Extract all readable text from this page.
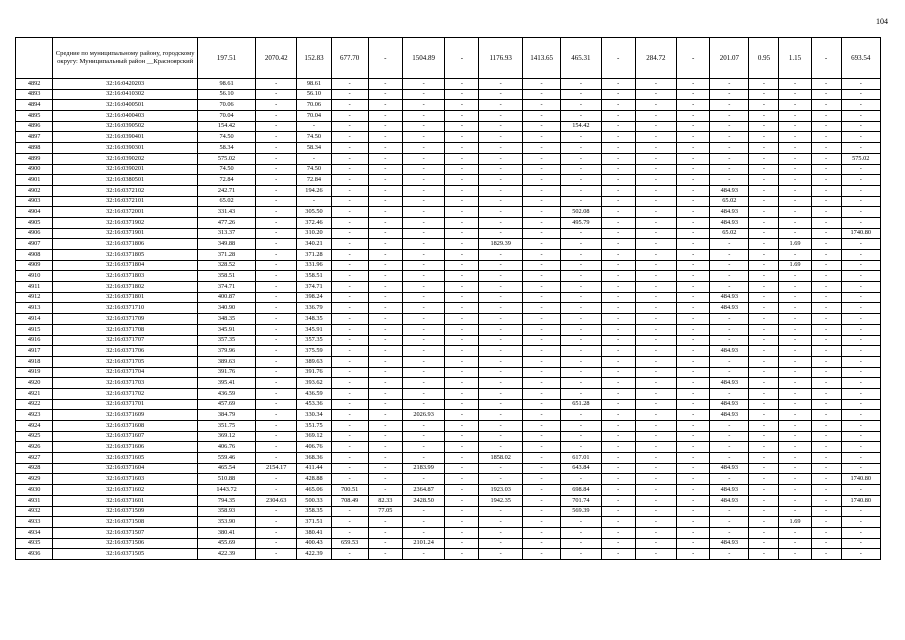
104
	Средние по муниципальному району, городскому округу: Муниципальный район __Красноярский	197.51	2070.42	152.83	677.70	-	1504.89	-	1176.93	1413.65	465.31	-	284.72	-	201.07	0.95	1.15	-	693.54
4892	32:16:0420203	98.61	-	98.61	-	-	-	-	-	-	-	-	-	-	-	-	-	-	-
4893	32:16:0410302	56.10	-	56.10	-	-	-	-	-	-	-	-	-	-	-	-	-	-	-
4894	32:16:0400501	70.06	-	70.06	-	-	-	-	-	-	-	-	-	-	-	-	-	-	-
4895	32:16:0400403	70.04	-	70.04	-	-	-	-	-	-	-	-	-	-	-	-	-	-	-
4896	32:16:0390502	154.42	-	-	-	-	-	-	-	-	154.42	-	-	-	-	-	-	-	-
4897	32:16:0390401	74.50	-	74.50	-	-	-	-	-	-	-	-	-	-	-	-	-	-	-
4898	32:16:0390301	58.34	-	58.34	-	-	-	-	-	-	-	-	-	-	-	-	-	-	-
4899	32:16:0390202	575.02	-	-	-	-	-	-	-	-	-	-	-	-	-	-	-	-	575.02
4900	32:16:0390201	74.50	-	74.50	-	-	-	-	-	-	-	-	-	-	-	-	-	-	-
4901	32:16:0380501	72.84	-	72.84	-	-	-	-	-	-	-	-	-	-	-	-	-	-	-
4902	32:16:0372102	242.71	-	194.26	-	-	-	-	-	-	-	-	-	-	484.93	-	-	-	-
4903	32:16:0372101	65.02	-	-	-	-	-	-	-	-	-	-	-	-	65.02	-	-	-	-
4904	32:16:0372001	331.43	-	305.50	-	-	-	-	-	-	502.08	-	-	-	484.93	-	-	-	-
4905	32:16:0371902	477.26	-	372.46	-	-	-	-	-	-	495.79	-	-	-	484.93	-	-	-	-
4906	32:16:0371901	313.37	-	310.20	-	-	-	-	-	-	-	-	-	-	65.02	-	-	-	1740.80
4907	32:16:0371806	349.88	-	340.21	-	-	-	-	1829.39	-	-	-	-	-	-	-	1.69	-	-
4908	32:16:0371805	371.28	-	371.28	-	-	-	-	-	-	-	-	-	-	-	-	-	-	-
4909	32:16:0371804	328.52	-	331.96	-	-	-	-	-	-	-	-	-	-	-	-	1.69	-	-
4910	32:16:0371803	358.51	-	358.51	-	-	-	-	-	-	-	-	-	-	-	-	-	-	-
4911	32:16:0371802	374.71	-	374.71	-	-	-	-	-	-	-	-	-	-	-	-	-	-	-
4912	32:16:0371801	400.87	-	398.24	-	-	-	-	-	-	-	-	-	-	484.93	-	-	-	-
4913	32:16:0371710	340.90	-	336.79	-	-	-	-	-	-	-	-	-	-	484.93	-	-	-	-
4914	32:16:0371709	348.35	-	348.35	-	-	-	-	-	-	-	-	-	-	-	-	-	-	-
4915	32:16:0371708	345.91	-	345.91	-	-	-	-	-	-	-	-	-	-	-	-	-	-	-
4916	32:16:0371707	357.35	-	357.35	-	-	-	-	-	-	-	-	-	-	-	-	-	-	-
4917	32:16:0371706	379.96	-	375.59	-	-	-	-	-	-	-	-	-	-	484.93	-	-	-	-
4918	32:16:0371705	389.63	-	389.63	-	-	-	-	-	-	-	-	-	-	-	-	-	-	-
4919	32:16:0371704	391.76	-	391.76	-	-	-	-	-	-	-	-	-	-	-	-	-	-	-
4920	32:16:0371703	395.41	-	393.62	-	-	-	-	-	-	-	-	-	-	484.93	-	-	-	-
4921	32:16:0371702	436.59	-	436.59	-	-	-	-	-	-	-	-	-	-	-	-	-	-	-
4922	32:16:0371701	457.69	-	453.36	-	-	-	-	-	-	651.28	-	-	-	484.93	-	-	-	-
4923	32:16:0371609	384.79	-	330.34	-	-	2026.93	-	-	-	-	-	-	-	484.93	-	-	-	-
4924	32:16:0371608	351.75	-	351.75	-	-	-	-	-	-	-	-	-	-	-	-	-	-	-
4925	32:16:0371607	369.12	-	369.12	-	-	-	-	-	-	-	-	-	-	-	-	-	-	-
4926	32:16:0371606	406.76	-	406.76	-	-	-	-	-	-	-	-	-	-	-	-	-	-	-
4927	32:16:0371605	559.46	-	368.36	-	-	-	-	1858.02	-	617.01	-	-	-	-	-	-	-	-
4928	32:16:0371604	465.54	2154.17	411.44	-	-	2183.99	-	-	-	643.84	-	-	-	484.93	-	-	-	-
4929	32:16:0371603	510.88	-	428.88	-	-	-	-	-	-	-	-	-	-	-	-	-	-	1740.80
4930	32:16:0371602	1443.72	-	465.06	700.51	-	2364.87	-	1923.03	-	698.84	-	-	-	484.93	-	-	-	-
4931	32:16:0371601	794.35	2304.63	500.33	708.49	82.33	2428.50	-	1942.35	-	701.74	-	-	-	484.93	-	-	-	1740.80
4932	32:16:0371509	358.93	-	358.35	-	77.05	-	-	-	-	569.39	-	-	-	-	-	-	-	-
4933	32:16:0371508	353.90	-	371.51	-	-	-	-	-	-	-	-	-	-	-	-	1.69	-	-
4934	32:16:0371507	380.41	-	380.41	-	-	-	-	-	-	-	-	-	-	-	-	-	-	-
4935	32:16:0371506	455.69	-	400.43	659.53	-	2101.24	-	-	-	-	-	-	-	484.93	-	-	-	-
4936	32:16:0371505	422.39	-	422.39	-	-	-	-	-	-	-	-	-	-	-	-	-	-	-
